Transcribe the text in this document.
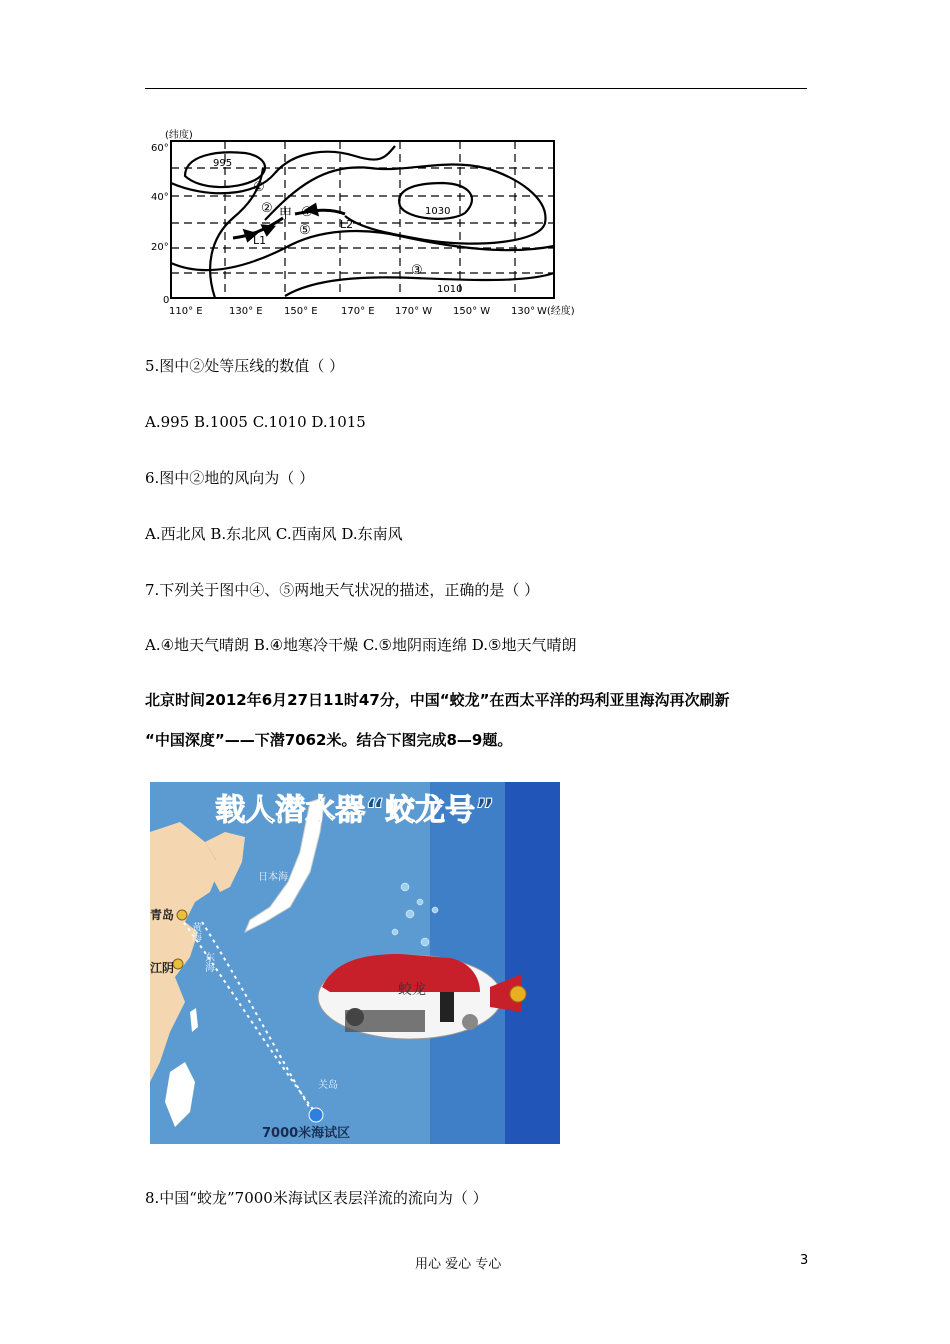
(纬度)
60°
40°
20°
0
995
1030
1010
L1
L2
①
② 甲 ④
⑤
③
110° E	130° E 150° E 170° E 170° W 150° W 130° W(经度)
5.图中②处等压线的数值（ ）
A.995 B.1005 C.1010 D.1015
6.图中②地的风向为（ ）
A.西北风 B.东北风 C.西南风 D.东南风
7.下列关于图中④、⑤两地天气状况的描述，正确的是（ ）
A.④地天气晴朗 B.④地寒冷干燥 C.⑤地阴雨连绵 D.⑤地天气晴朗
北京时间2012年6月27日11时47分，中国“蛟龙”在西太平洋的玛利亚里海沟再次刷新
“中国深度”——下潜7062米。结合下图完成8—9题。
载人潜水器“蛟龙号”
青岛
江阴
黄海
东海
日本海
关岛
7000米海试区
蛟龙
8.中国“蛟龙”7000米海试区表层洋流的流向为（ ）
用心 爱心 专心	3
